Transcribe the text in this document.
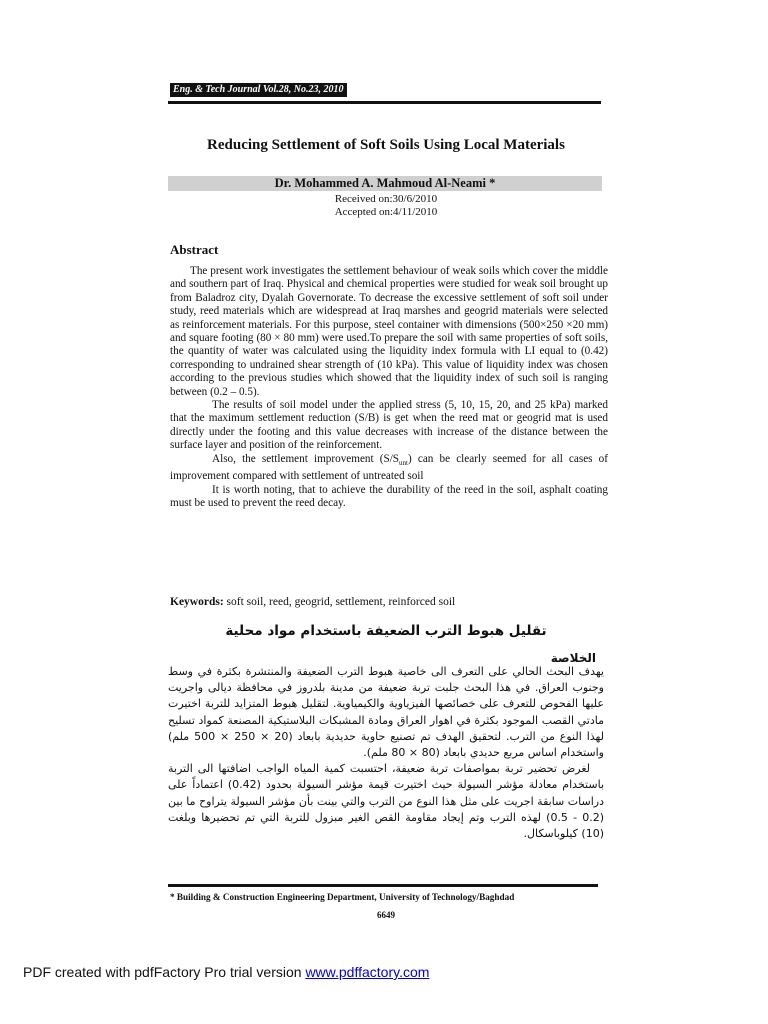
Eng. & Tech Journal Vol.28, No.23, 2010
Reducing Settlement of Soft Soils Using Local Materials
Dr. Mohammed A. Mahmoud Al-Neami *
Received on:30/6/2010
Accepted on:4/11/2010
Abstract

The present work investigates the settlement behaviour of weak soils which cover the middle and southern part of Iraq. Physical and chemical properties were studied for weak soil brought up from Baladroz city, Dyalah Governorate. To decrease the excessive settlement of soft soil under study, reed materials which are widespread at Iraq marshes and geogrid materials were selected as reinforcement materials. For this purpose, steel container with dimensions (500×250 ×20 mm) and square footing (80 × 80 mm) were used.To prepare the soil with same properties of soft soils, the quantity of water was calculated using the liquidity index formula with LI equal to (0.42) corresponding to undrained shear strength of (10 kPa). This value of liquidity index was chosen according to the previous studies which showed that the liquidity index of such soil is ranging between (0.2 – 0.5).

The results of soil model under the applied stress (5, 10, 15, 20, and 25 kPa) marked that the maximum settlement reduction (S/B) is get when the reed mat or geogrid mat is used directly under the footing and this value decreases with increase of the distance between the surface layer and position of the reinforcement.

Also, the settlement improvement $(S/S_{unt})$ can be clearly seemed for all cases of improvement compared with settlement of untreated soil

It is worth noting, that to achieve the durability of the reed in the soil, asphalt coating must be used to prevent the reed decay.

Keywords: soft soil, reed, geogrid, settlement, reinforced soil
تقليل هبوط الترب الضعيفة باستخدام مواد محلية
الخلاصة

يهدف البحث الحالي على التعرف الى خاصية هبوط الترب الضعيفة والمنتشرة بكثرة في وسط وجنوب العراق. في هذا البحث جلبت تربة ضعيفة من مدينة بلدروز في محافظة ديالى واجريت عليها الفحوص للتعرف على خصائصها الفيزياوية والكيمياوية. لتقليل هبوط المتزايد للتربة اختيرت مادتي القصب الموجود بكثرة في اهوار العراق ومادة المشبكات البلاستيكية المصنعة كمواد تسليح لهذا النوع من الترب. لتحقيق الهدف تم تصنيع حاوية حديدية بابعاد (20 × 250 × 500 ملم) واستخدام اساس مربع حديدي بابعاد (80 × 80 ملم).

لغرض تحضير تربة بمواصفات تربة ضعيفة، احتسبت كمية المياه الواجب اضافتها الى التربة باستخدام معادلة مؤشر السيولة حيث اختيرت قيمة مؤشر السيولة بحدود (0.42) اعتماداً على دراسات سابقة اجريت على مثل هذا النوع من الترب والتي بينت بأن مؤشر السيولة يتراوح ما بين (0.2 - 0.5) لهذه الترب وتم إيجاد مقاومة القص الغير مبزول للتربة التي تم تحضيرها وبلغت (10) كيلوباسكال.

* Building & Construction Engineering Department, University of Technology/Baghdad
6649
PDF created with pdfFactory Pro trial version www.pdffactory.com
